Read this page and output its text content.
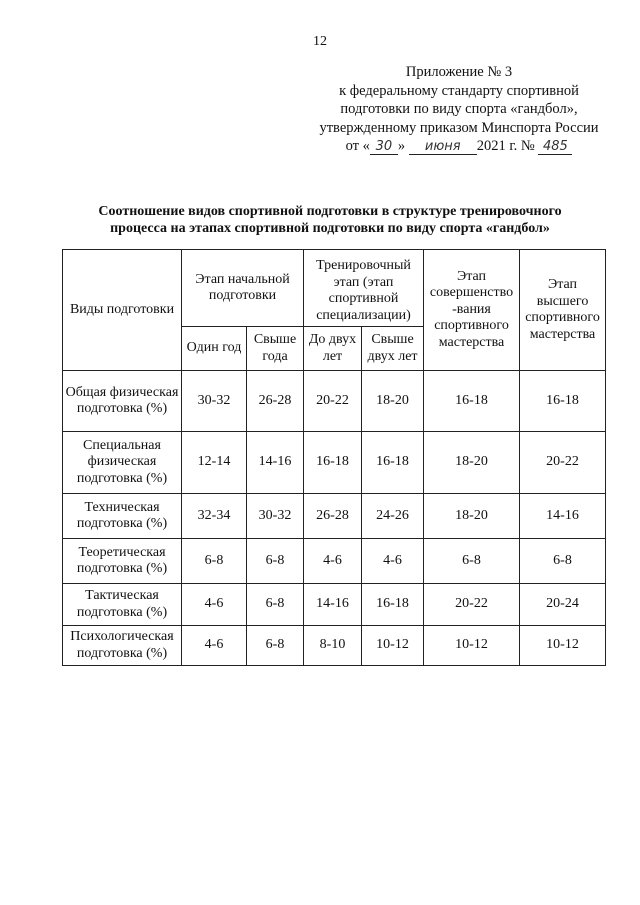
12
Приложение № 3
к федеральному стандарту спортивной
подготовки по виду спорта «гандбол»,
утвержденному приказом Минспорта России
от « 30 » июня 2021 г. № 485
Соотношение видов спортивной подготовки в структуре тренировочного
процесса на этапах спортивной подготовки по виду спорта «гандбол»
Виды подготовки	Этап начальной подготовки		Тренировочный этап (этап спортивной специализации)		Этап совершенство -вания спортивного мастерства	Этап высшего спортивного мастерства
	Один год	Свыше года	До двух лет	Свыше двух лет		
Общая физическая подготовка (%)	30-32	26-28	20-22	18-20	16-18	16-18
Специальная физическая подготовка (%)	12-14	14-16	16-18	16-18	18-20	20-22
Техническая подготовка (%)	32-34	30-32	26-28	24-26	18-20	14-16
Теоретическая подготовка (%)	6-8	6-8	4-6	4-6	6-8	6-8
Тактическая подготовка (%)	4-6	6-8	14-16	16-18	20-22	20-24
Психологическая подготовка (%)	4-6	6-8	8-10	10-12	10-12	10-12
